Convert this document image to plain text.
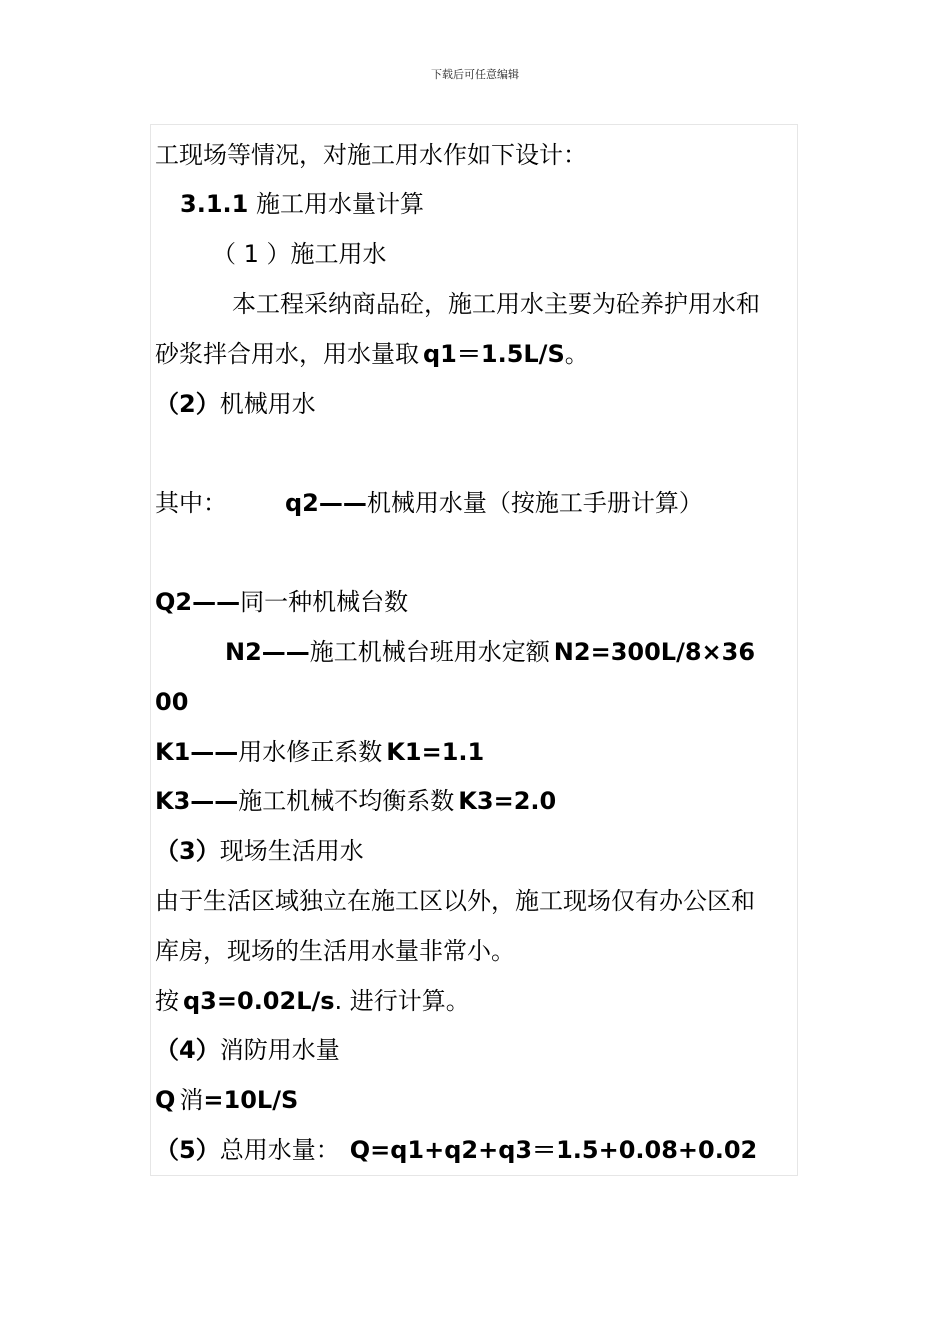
下载后可任意编辑
工现场等情况，对施工用水作如下设计：
3.1.1 施工用水量计算
（ 1 ）施工用水
本工程采纳商品砼，施工用水主要为砼养护用水和
砂浆拌合用水，用水量取 q1＝1.5L/S。
（2）机械用水
其中： q2——机械用水量（按施工手册计算）
Q2——同一种机械台数
N2——施工机械台班用水定额 N2=300L/8×36
00
K1——用水修正系数 K1=1.1
K3——施工机械不均衡系数 K3=2.0
（3）现场生活用水
由于生活区域独立在施工区以外，施工现场仅有办公区和
库房，现场的生活用水量非常小。
按 q3=0.02L/s. 进行计算。
（4）消防用水量
Q 消=10L/S
（5）总用水量： Q=q1+q2+q3＝1.5+0.08+0.02
